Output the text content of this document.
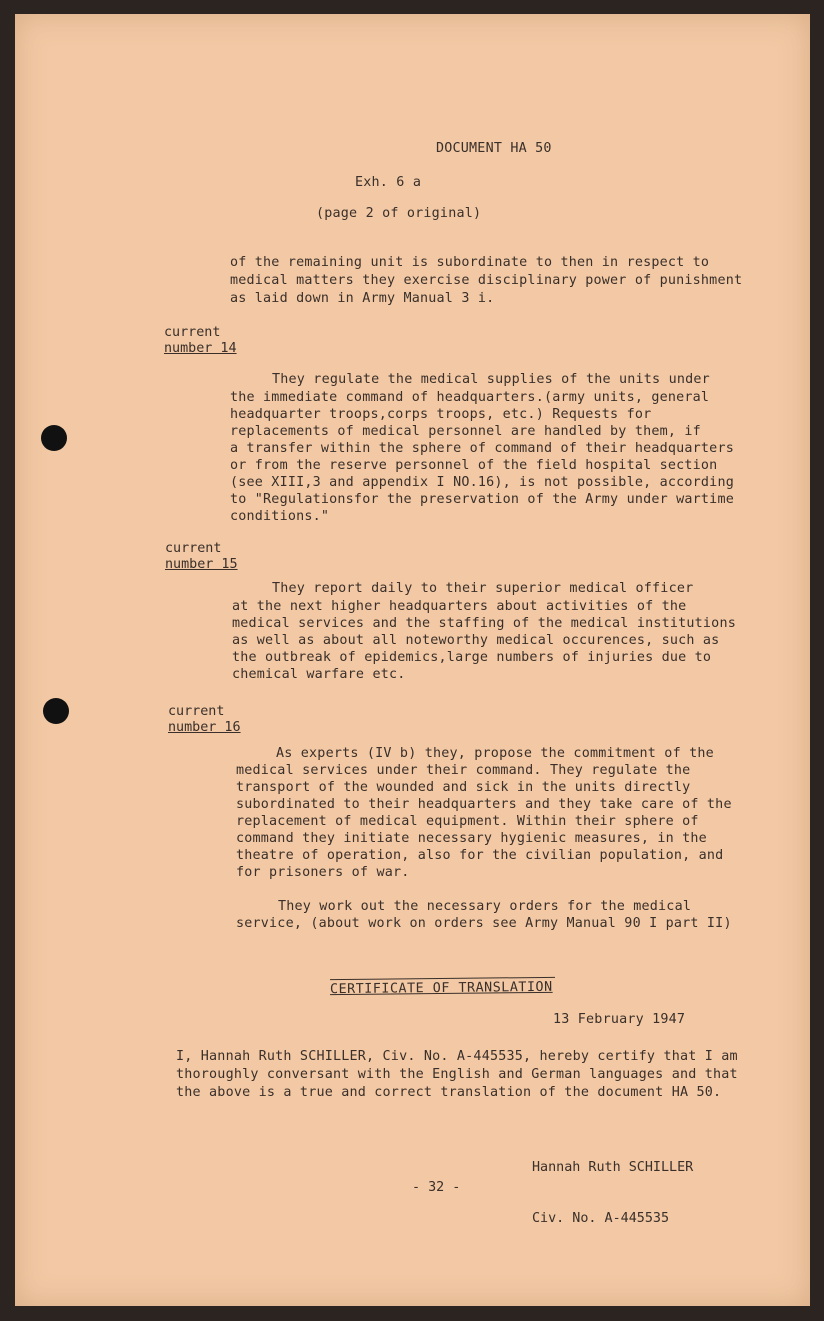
DOCUMENT HA 50
Exh. 6 a
(page 2 of original)
of the remaining unit is subordinate to then in respect to
medical matters they exercise disciplinary power of punishment
as laid down in Army Manual 3 i.
current
number 14
They regulate the medical supplies of the units under
the immediate command of headquarters.(army units, general
headquarter troops,corps troops, etc.) Requests for
replacements of medical personnel are handled by them, if
a transfer within the sphere of command of their headquarters
or from the reserve personnel of the field hospital section
(see XIII,3 and appendix I NO.16), is not possible, according
to "Regulationsfor the preservation of the Army under wartime
conditions."
current
number 15
They report daily to their superior medical officer
at the next higher headquarters about activities of the
medical services and the staffing of the medical institutions
as well as about all noteworthy medical occurences, such as
the outbreak of epidemics,large numbers of injuries due to
chemical warfare etc.
current
number 16
As experts (IV b) they, propose the commitment of the
medical services under their command. They regulate the
transport of the wounded and sick in the units directly
subordinated to their headquarters and they take care of the
replacement of medical equipment. Within their sphere of
command they initiate necessary hygienic measures, in the
theatre of operation, also for the civilian population, and
for prisoners of war.
They work out the necessary orders for the medical
service, (about work on orders see Army Manual 90 I part II)
CERTIFICATE OF TRANSLATION
13 February 1947
I, Hannah Ruth SCHILLER, Civ. No. A-445535, hereby certify that I am
thoroughly conversant with the English and German languages and that
the above is a true and correct translation of the document HA 50.

Hannah Ruth SCHILLER

Civ. No. A-445535

- 32 -
